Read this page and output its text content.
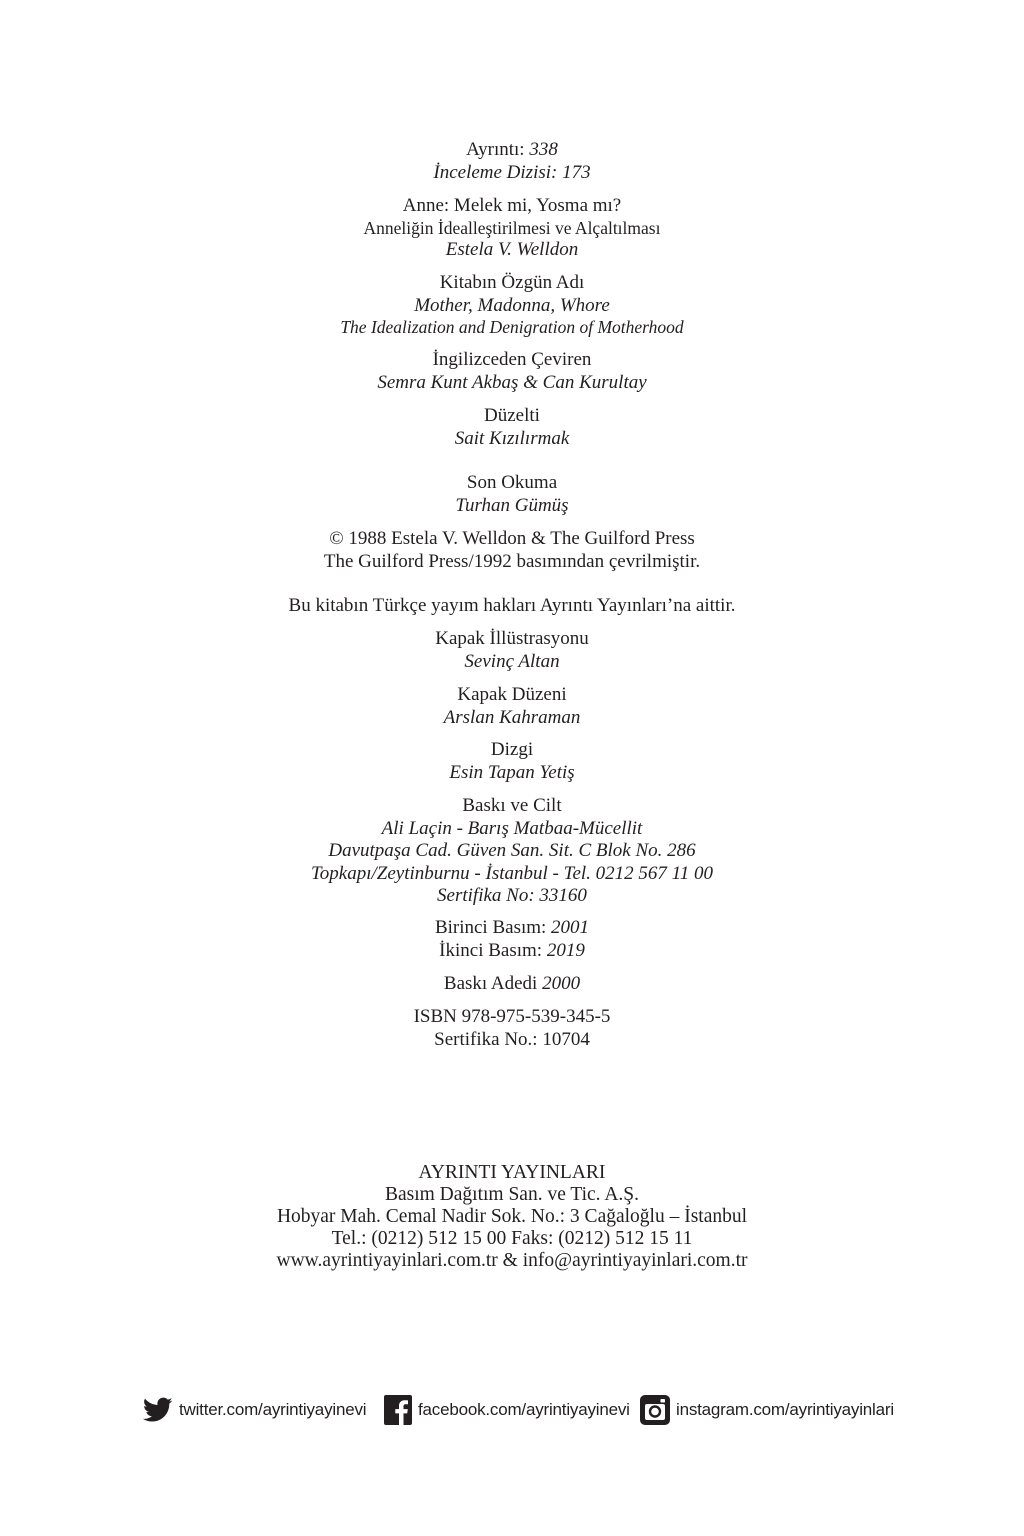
Ayrıntı: 338
İnceleme Dizisi: 173
Anne: Melek mi, Yosma mı?
Anneliğin İdealleştirilmesi ve Alçaltılması
Estela V. Welldon
Kitabın Özgün Adı
Mother, Madonna, Whore
The Idealization and Denigration of Motherhood
İngilizceden Çeviren
Semra Kunt Akbaş & Can Kurultay
Düzelti
Sait Kızılırmak
Son Okuma
Turhan Gümüş
© 1988 Estela V. Welldon & The Guilford Press
The Guilford Press/1992 basımından çevrilmiştir.
Bu kitabın Türkçe yayım hakları Ayrıntı Yayınları’na aittir.
Kapak İllüstrasyonu
Sevinç Altan
Kapak Düzeni
Arslan Kahraman
Dizgi
Esin Tapan Yetiş
Baskı ve Cilt
Ali Laçin - Barış Matbaa-Mücellit
Davutpaşa Cad. Güven San. Sit. C Blok No. 286
Topkapı/Zeytinburnu - İstanbul - Tel. 0212 567 11 00
Sertifika No: 33160
Birinci Basım: 2001
İkinci Basım: 2019
Baskı Adedi 2000
ISBN 978-975-539-345-5
Sertifika No.: 10704
AYRINTI YAYINLARI
Basım Dağıtım San. ve Tic. A.Ş.
Hobyar Mah. Cemal Nadir Sok. No.: 3 Cağaloğlu – İstanbul
Tel.: (0212) 512 15 00 Faks: (0212) 512 15 11
www.ayrintiyayinlari.com.tr & info@ayrintiyayinlari.com.tr
twitter.com/ayrintiyayinevi	facebook.com/ayrintiyayinevi	instagram.com/ayrintiyayinlari
